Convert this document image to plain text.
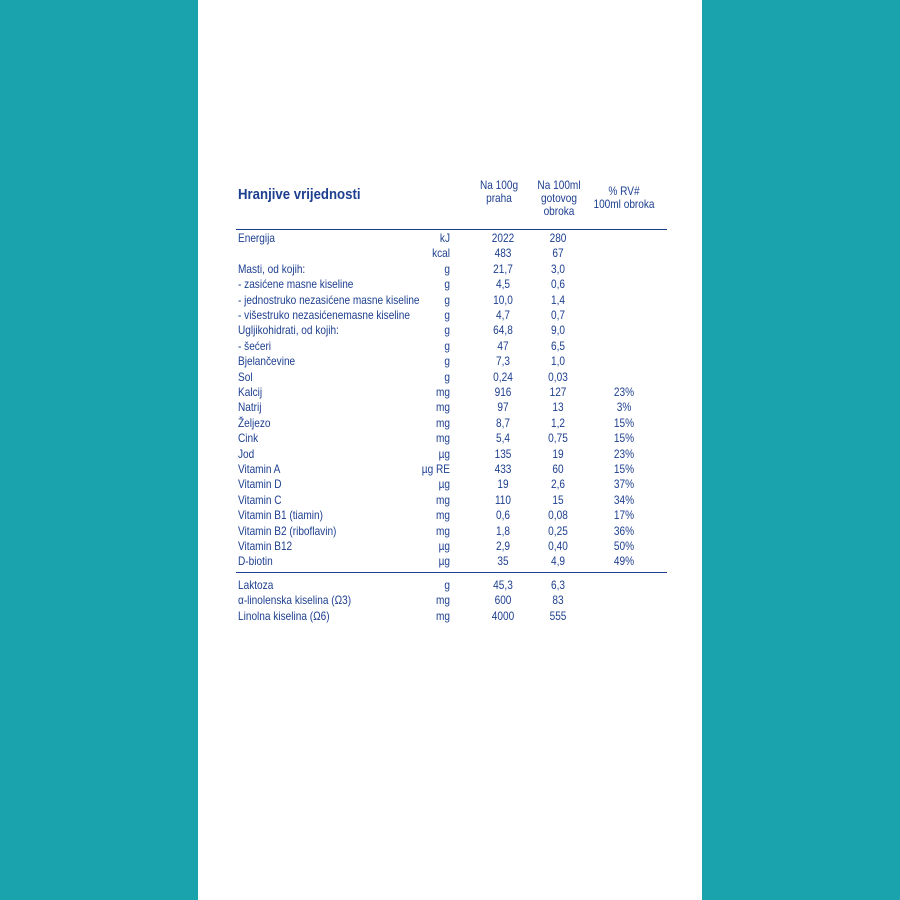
Hranjive vrijednosti
Na 100g
praha
Na 100ml
gotovog
obroka
% RV#
100ml obroka
Energija	kJ	2022	280
kcal	483	67
Masti, od kojih:	g	21,7	3,0
- zasićene masne kiseline	g	4,5	0,6
- jednostruko nezasićene masne kiseline	g	10,0	1,4
- višestruko nezasićenemasne kiseline	g	4,7	0,7
Ugljikohidrati, od kojih:	g	64,8	9,0
- šećeri	g	47	6,5
Bjelančevine	g	7,3	1,0
Sol	g	0,24	0,03
Kalcij	mg	916	127	23%
Natrij	mg	97	13	3%
Željezo	mg	8,7	1,2	15%
Cink	mg	5,4	0,75	15%
Jod	µg	135	19	23%
Vitamin A	µg RE	433	60	15%
Vitamin D	µg	19	2,6	37%
Vitamin C	mg	110	15	34%
Vitamin B1 (tiamin)	mg	0,6	0,08	17%
Vitamin B2 (riboflavin)	mg	1,8	0,25	36%
Vitamin B12	µg	2,9	0,40	50%
D-biotin	µg	35	4,9	49%
Laktoza	g	45,3	6,3
α-linolenska kiselina (Ω3)	mg	600	83
Linolna kiselina (Ω6)	mg	4000	555
